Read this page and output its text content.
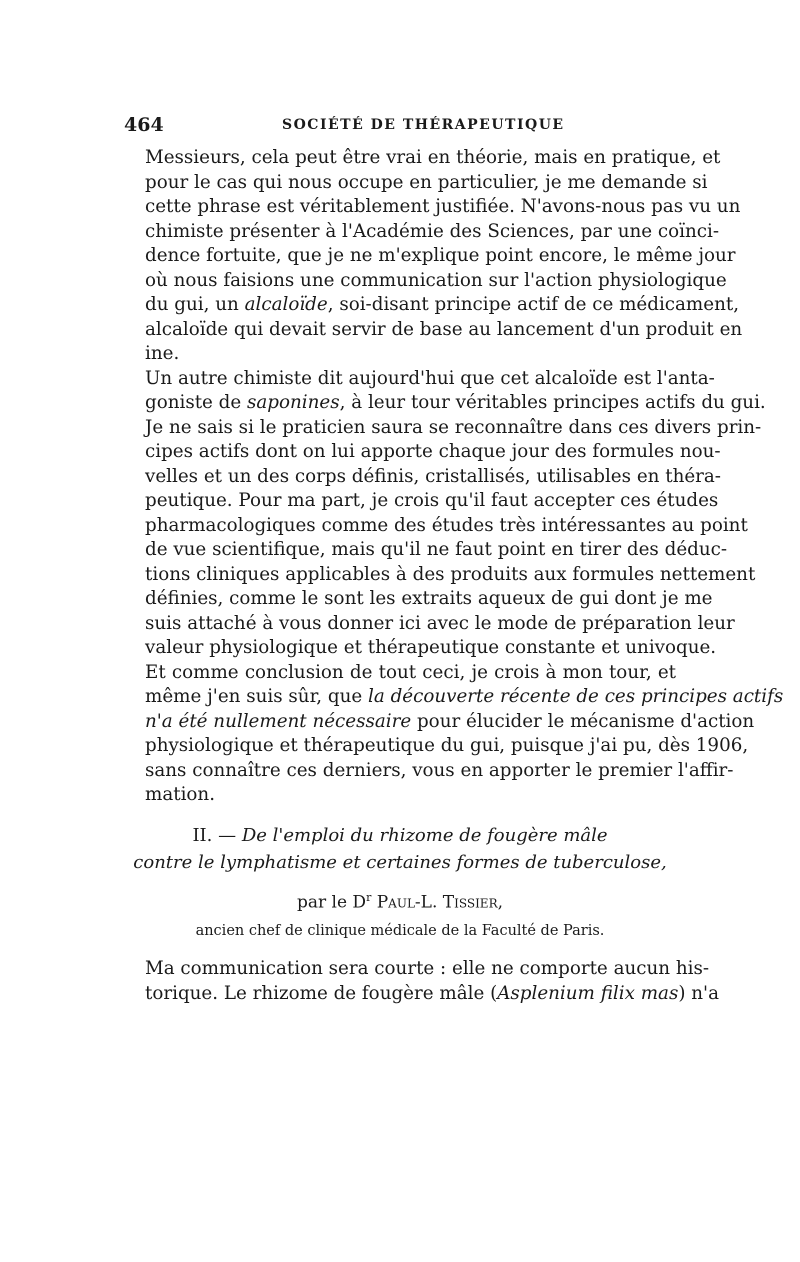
464	SOCIÉTÉ DE THÉRAPEUTIQUE

Messieurs, cela peut être vrai en théorie, mais en pratique, et
pour le cas qui nous occupe en particulier, je me demande si
cette phrase est véritablement justifiée. N'avons-nous pas vu un
chimiste présenter à l'Académie des Sciences, par une coïnci-
dence fortuite, que je ne m'explique point encore, le même jour
où nous faisions une communication sur l'action physiologique
du gui, un alcaloïde, soi-disant principe actif de ce médicament,
alcaloïde qui devait servir de base au lancement d'un produit en
ine.

Un autre chimiste dit aujourd'hui que cet alcaloïde est l'anta-
goniste de saponines, à leur tour véritables principes actifs du gui.
Je ne sais si le praticien saura se reconnaître dans ces divers prin-
cipes actifs dont on lui apporte chaque jour des formules nou-
velles et un des corps définis, cristallisés, utilisables en théra-
peutique. Pour ma part, je crois qu'il faut accepter ces études
pharmacologiques comme des études très intéressantes au point
de vue scientifique, mais qu'il ne faut point en tirer des déduc-
tions cliniques applicables à des produits aux formules nettement
définies, comme le sont les extraits aqueux de gui dont je me
suis attaché à vous donner ici avec le mode de préparation leur
valeur physiologique et thérapeutique constante et univoque.

Et comme conclusion de tout ceci, je crois à mon tour, et
même j'en suis sûr, que la découverte récente de ces principes actifs
n'a été nullement nécessaire pour élucider le mécanisme d'action
physiologique et thérapeutique du gui, puisque j'ai pu, dès 1906,
sans connaître ces derniers, vous en apporter le premier l'affir-
mation.

II. — De l'emploi du rhizome de fougère mâle
contre le lymphatisme et certaines formes de tuberculose,
par le $D^r$ Paul-L. Tissier,
ancien chef de clinique médicale de la Faculté de Paris.

Ma communication sera courte : elle ne comporte aucun his-
torique. Le rhizome de fougère mâle (Asplenium filix mas) n'a
